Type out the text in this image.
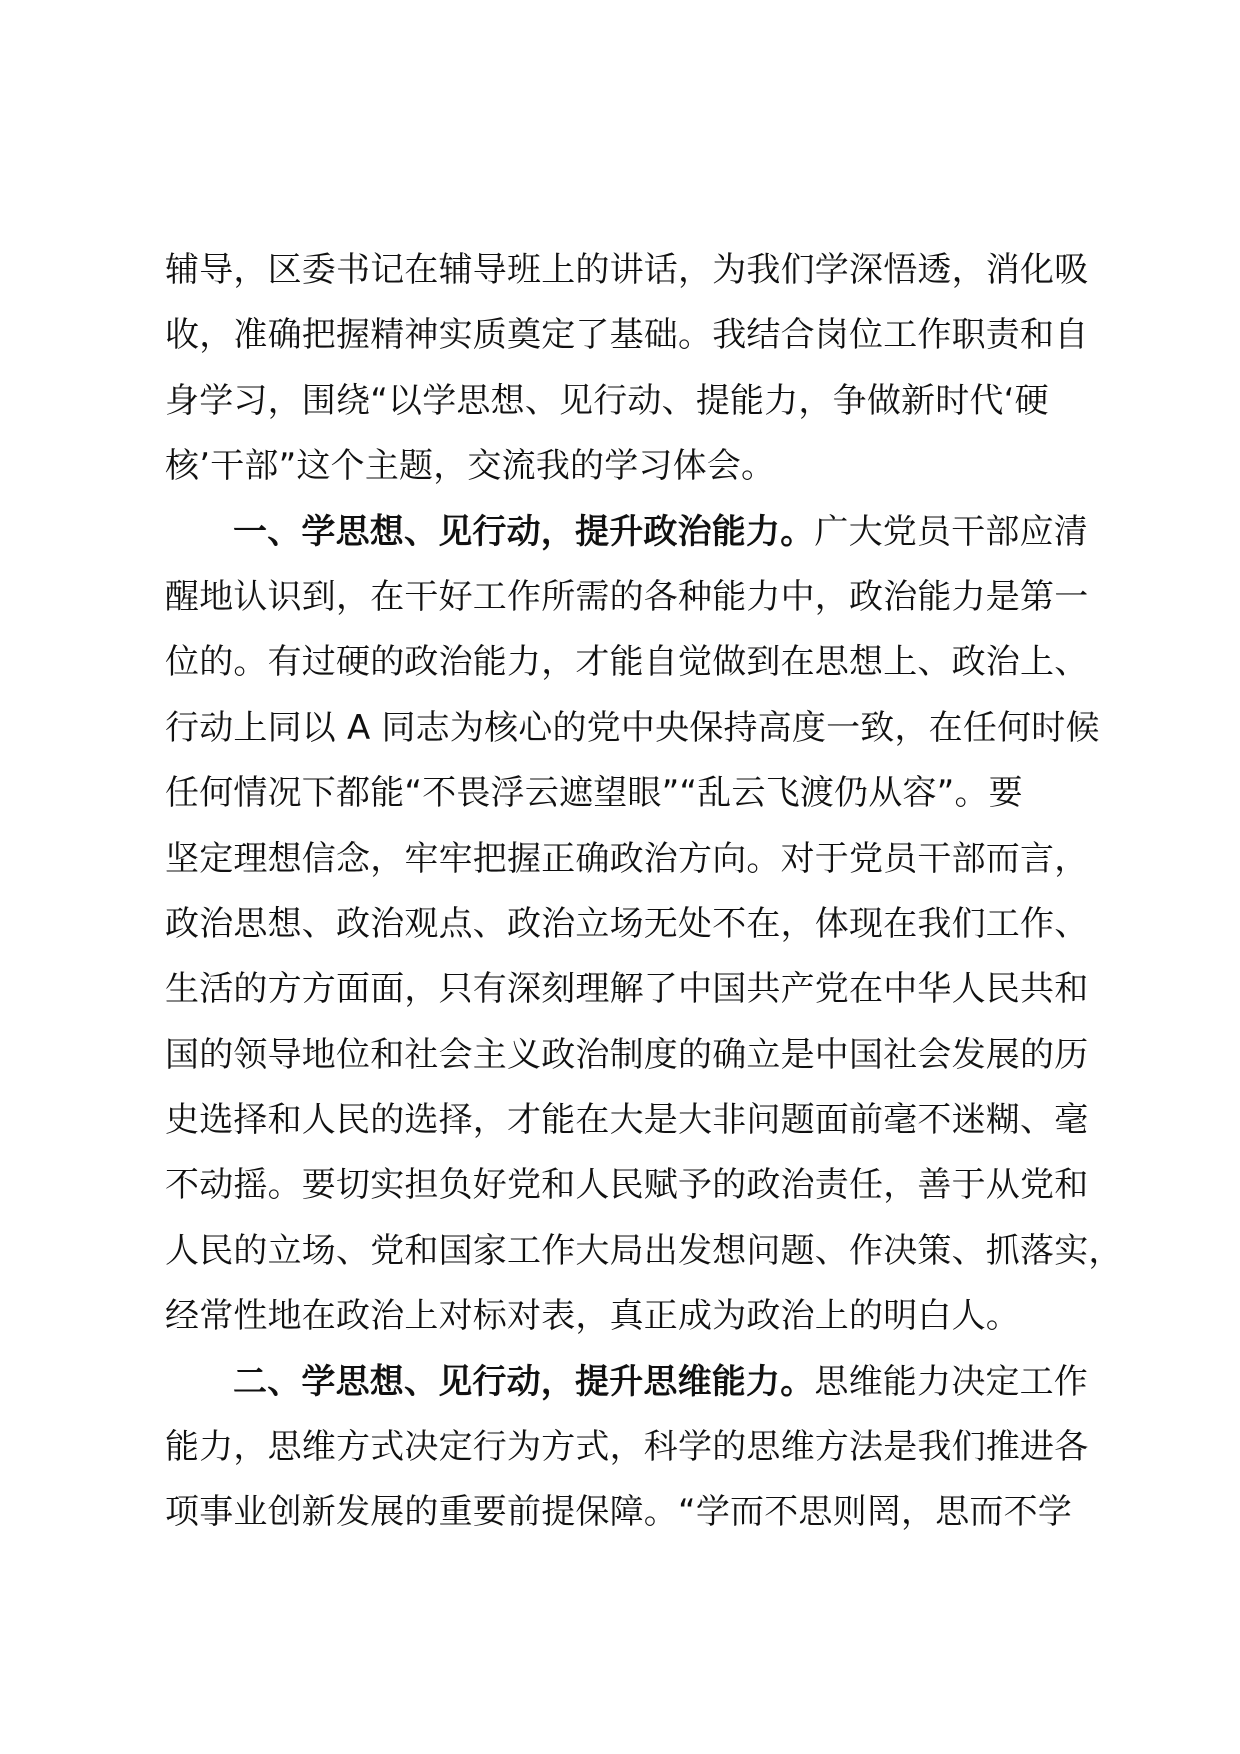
辅导，区委书记在辅导班上的讲话，为我们学深悟透，消化吸
收，准确把握精神实质奠定了基础。我结合岗位工作职责和自
身学习，围绕“以学思想、见行动、提能力，争做新时代‘硬
核’干部”这个主题，交流我的学习体会。
一、学思想、见行动，提升政治能力。广大党员干部应清
醒地认识到，在干好工作所需的各种能力中，政治能力是第一
位的。有过硬的政治能力，才能自觉做到在思想上、政治上、
行动上同以 A 同志为核心的党中央保持高度一致，在任何时候
任何情况下都能“不畏浮云遮望眼”“乱云飞渡仍从容”。要
坚定理想信念，牢牢把握正确政治方向。对于党员干部而言，
政治思想、政治观点、政治立场无处不在，体现在我们工作、
生活的方方面面，只有深刻理解了中国共产党在中华人民共和
国的领导地位和社会主义政治制度的确立是中国社会发展的历
史选择和人民的选择，才能在大是大非问题面前毫不迷糊、毫
不动摇。要切实担负好党和人民赋予的政治责任，善于从党和
人民的立场、党和国家工作大局出发想问题、作决策、抓落实，
经常性地在政治上对标对表，真正成为政治上的明白人。
二、学思想、见行动，提升思维能力。思维能力决定工作
能力，思维方式决定行为方式，科学的思维方法是我们推进各
项事业创新发展的重要前提保障。“学而不思则罔，思而不学
